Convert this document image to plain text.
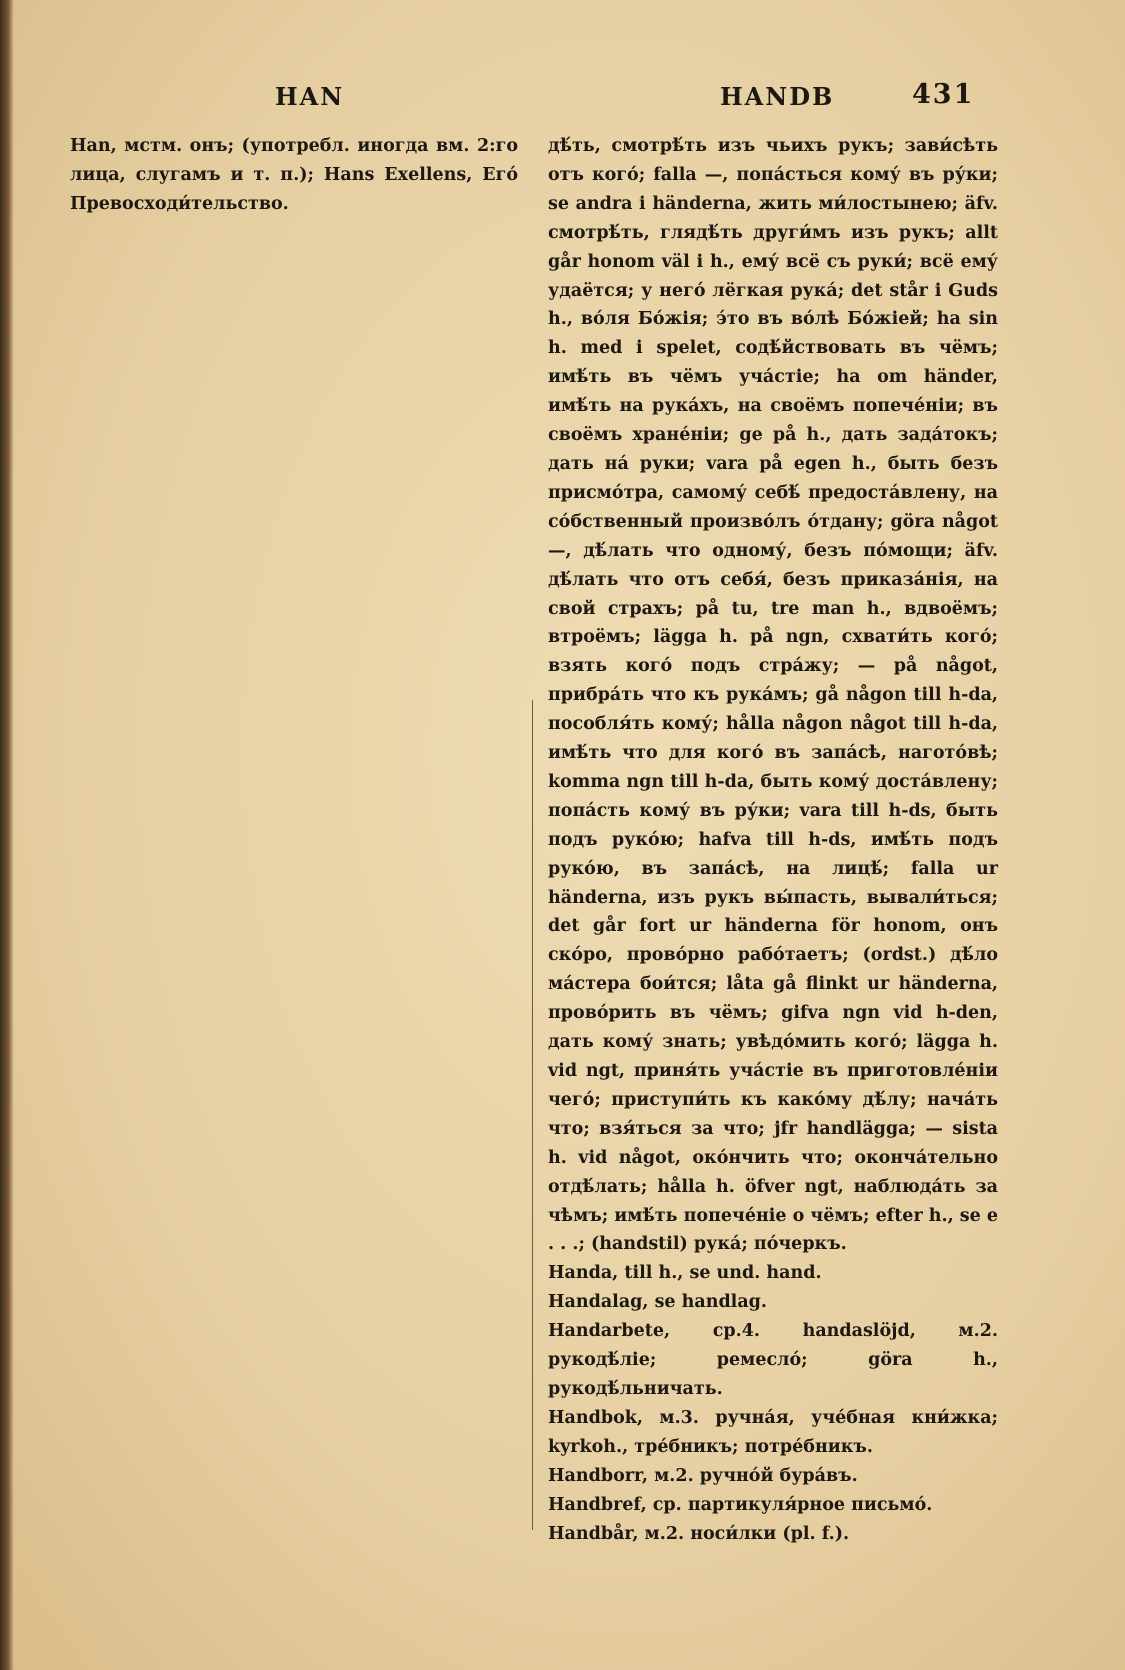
HAN	HANDB	431

Han, мстм. онъ; (употребл. иногда вм. 2:го лица, слугамъ и т. п.); Hans Exellens, Его́ Превосходи́тельство.

дѣ́ть, смотрѣ́ть изъ чьихъ рукъ; зави́сѣть отъ кого́; falla —, попа́сться кому́ въ ру́ки; se andra i händerna, жить ми́лостынею; äfv. смотрѣ́ть, глядѣ́ть други́мъ изъ рукъ; allt går honom väl i h., ему́ всё съ руки́; всё ему́ удаётся; у него́ лёгкая рука́; det står i Guds h., во́ля Бо́жія; э́то въ во́лѣ Бо́жіей; ha sin h. med i spelet, содѣ́йствовать въ чёмъ; имѣ́ть въ чёмъ уча́стіе; ha om händer, имѣ́ть на рука́хъ, на своёмъ попече́ніи; въ своёмъ хране́ніи; ge på h., дать зада́токъ; дать на́ руки; vara på egen h., быть безъ присмо́тра, самому́ себѣ́ предоста́влену, на со́бственный произво́лъ о́тдану; göra något —, дѣ́лать что одному́, безъ по́мощи; äfv. дѣ́лать что отъ себя́, безъ приказа́нія, на свой страхъ; på tu, tre man h., вдвоёмъ; втроёмъ; lägga h. på ngn, схвати́ть кого́; взять кого́ подъ стра́жу; — på något, прибра́ть что къ рука́мъ; gå någon till h-da, пособля́ть кому́; hålla någon något till h-da, имѣ́ть что для кого́ въ запа́сѣ, нагото́вѣ; komma ngn till h-da, быть кому́ доста́влену; попа́сть кому́ въ ру́ки; vara till h-ds, быть подъ руко́ю; hafva till h-ds, имѣ́ть подъ руко́ю, въ запа́сѣ, на лицѣ́; falla ur händerna, изъ рукъ вы́пасть, вывали́ться; det går fort ur händerna för honom, онъ ско́ро, прово́рно рабо́таетъ; (ordst.) дѣ́ло ма́стера бои́тся; låta gå flinkt ur händerna, прово́рить въ чёмъ; gifva ngn vid h-den, дать кому́ знать; увѣдо́мить кого́; lägga h. vid ngt, приня́ть уча́стіе въ приготовле́ніи чего́; приступи́ть къ како́му дѣ́лу; нача́ть что; взя́ться за что; jfr handlägga; — sista h. vid något, око́нчить что; оконча́тельно отдѣ́лать; hålla h. öfver ngt, наблюда́ть за чѣмъ; имѣ́ть попече́ніе о чёмъ; efter h., se e . . .; (handstil) рука́; по́черкъ.

Handa, till h., se und. hand.

Handalag, se handlag.

Handarbete, ср.4. handaslöjd, м.2. рукодѣ́ліе; ремесло́; göra h., рукодѣ́льничать.

Handbok, м.3. ручна́я, уче́бная кни́жка; kyrkoh., тре́бникъ; потре́бникъ.

Handborr, м.2. ручно́й бура́въ.

Handbref, ср. партикуля́рное письмо́.

Handbår, м.2. носи́лки (pl. f.).
